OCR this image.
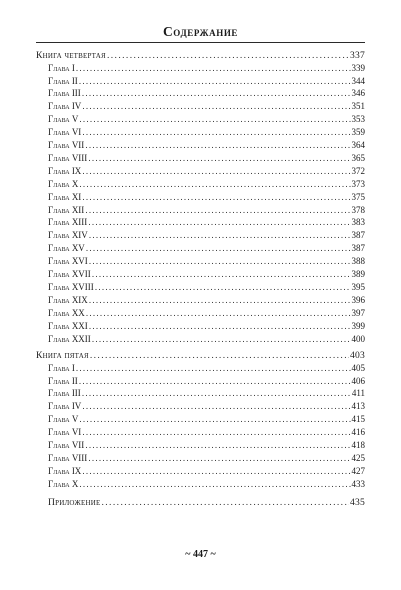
Содержание
Книга четвертая . . .	337
Глава I . . .	339
Глава II . . .	344
Глава III . . .	346
Глава IV . . .	351
Глава V . . .	353
Глава VI . . .	359
Глава VII . . .	364
Глава VIII . . .	365
Глава IX . . .	372
Глава X . . .	373
Глава XI . . .	375
Глава XII . . .	378
Глава XIII . . .	383
Глава XIV . . .	387
Глава XV . . .	387
Глава XVI . . .	388
Глава XVII . . .	389
Глава XVIII . . .	395
Глава XIX . . .	396
Глава XX . . .	397
Глава XXI . . .	399
Глава XXII . . .	400
Книга пятая . . .	403
Глава I . . .	405
Глава II . . .	406
Глава III . . .	411
Глава IV . . .	413
Глава V . . .	415
Глава VI . . .	416
Глава VII . . .	418
Глава VIII . . .	425
Глава IX . . .	427
Глава X . . .	433
Приложение . . .	435
~ 447 ~
